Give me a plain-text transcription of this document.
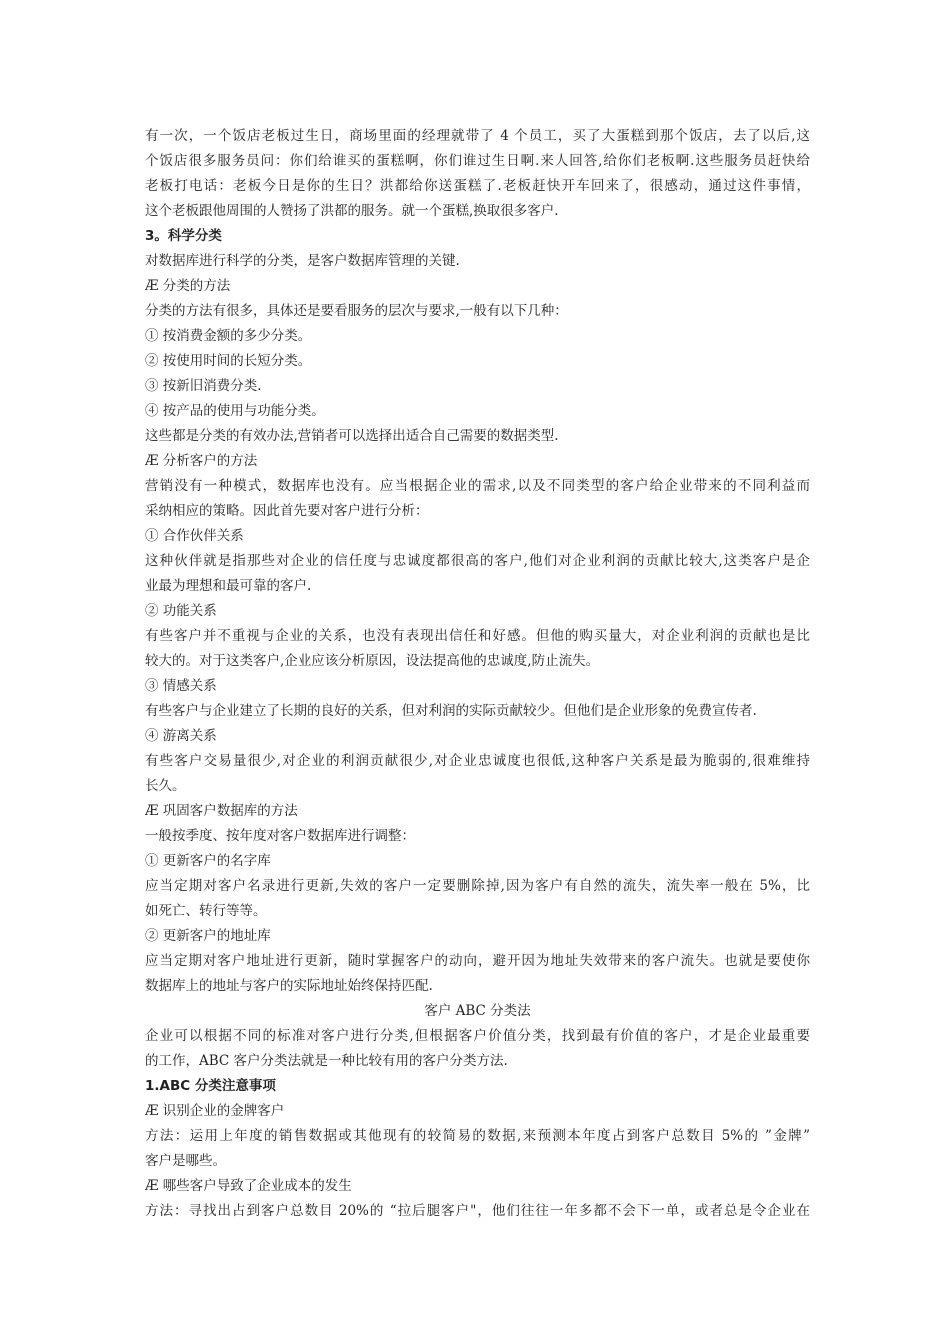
有一次，一个饭店老板过生日，商场里面的经理就带了 4 个员工，买了大蛋糕到那个饭店，去了以后,这
个饭店很多服务员问：你们给谁买的蛋糕啊，你们谁过生日啊.来人回答,给你们老板啊.这些服务员赶快给
老板打电话：老板今日是你的生日？洪都给你送蛋糕了.老板赶快开车回来了，很感动，通过这件事情，
这个老板跟他周围的人赞扬了洪都的服务。就一个蛋糕,换取很多客户.
3。科学分类
对数据库进行科学的分类，是客户数据库管理的关键.
Æ 分类的方法
分类的方法有很多，具体还是要看服务的层次与要求,一般有以下几种：
① 按消费金额的多少分类。
② 按使用时间的长短分类。
③ 按新旧消费分类.
④ 按产品的使用与功能分类。
这些都是分类的有效办法,营销者可以选择出适合自己需要的数据类型.
Æ 分析客户的方法
营销没有一种模式，数据库也没有。应当根据企业的需求,以及不同类型的客户给企业带来的不同利益而
采纳相应的策略。因此首先要对客户进行分析：
① 合作伙伴关系
这种伙伴就是指那些对企业的信任度与忠诚度都很高的客户,他们对企业利润的贡献比较大,这类客户是企
业最为理想和最可靠的客户.
② 功能关系
有些客户并不重视与企业的关系，也没有表现出信任和好感。但他的购买量大，对企业利润的贡献也是比
较大的。对于这类客户,企业应该分析原因，设法提高他的忠诚度,防止流失。
③ 情感关系
有些客户与企业建立了长期的良好的关系，但对利润的实际贡献较少。但他们是企业形象的免费宣传者.
④ 游离关系
有些客户交易量很少,对企业的利润贡献很少,对企业忠诚度也很低,这种客户关系是最为脆弱的,很难维持
长久。
Æ 巩固客户数据库的方法
一般按季度、按年度对客户数据库进行调整：
① 更新客户的名字库
应当定期对客户名录进行更新,失效的客户一定要删除掉,因为客户有自然的流失，流失率一般在 5%，比
如死亡、转行等等。
② 更新客户的地址库
应当定期对客户地址进行更新，随时掌握客户的动向，避开因为地址失效带来的客户流失。也就是要使你
数据库上的地址与客户的实际地址始终保持匹配.
客户 ABC 分类法
企业可以根据不同的标准对客户进行分类,但根据客户价值分类，找到最有价值的客户，才是企业最重要
的工作，ABC 客户分类法就是一种比较有用的客户分类方法.
1.ABC 分类注意事项
Æ 识别企业的金牌客户
方法：运用上年度的销售数据或其他现有的较简易的数据,来预测本年度占到客户总数目 5%的 ”金牌”
客户是哪些。
Æ 哪些客户导致了企业成本的发生
方法：寻找出占到客户总数目 20%的 “拉后腿客户"，他们往往一年多都不会下一单，或者总是令企业在
